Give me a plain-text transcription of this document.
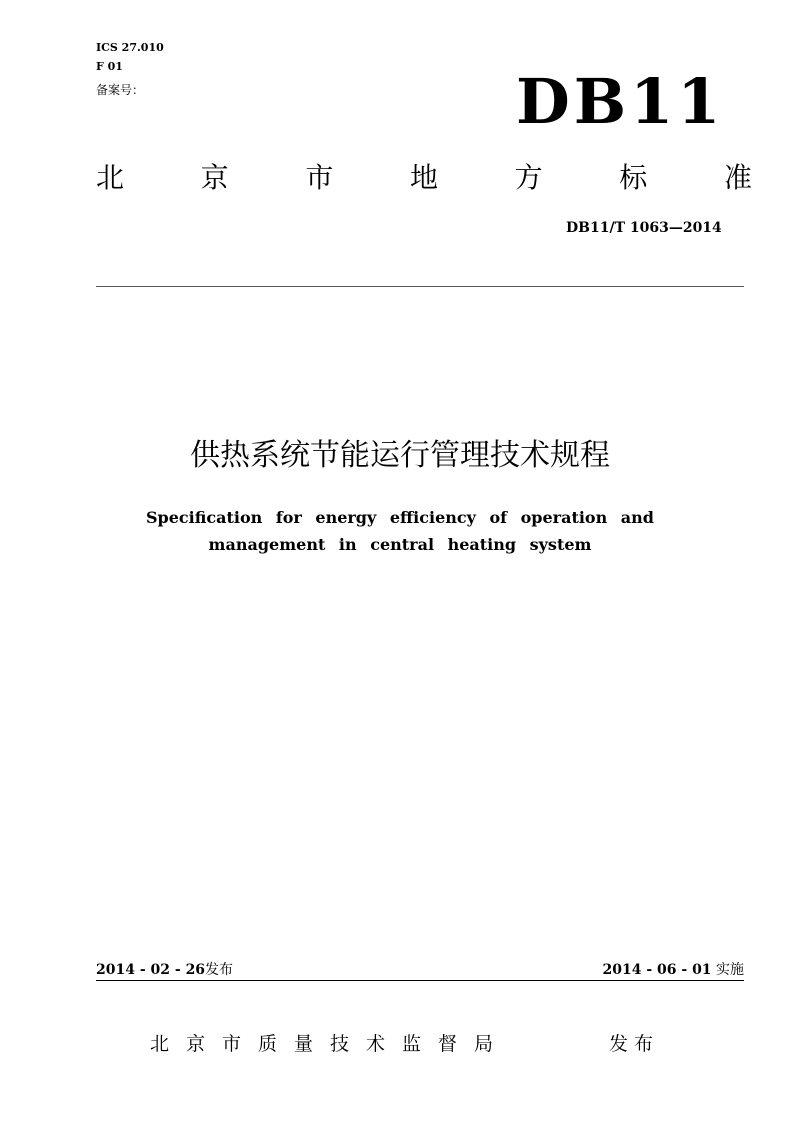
ICS 27.010
F 01
备案号：	DB11
北	京	市	地	方	标	准
DB11/T 1063—2014
供热系统节能运行管理技术规程
Specification for energy efficiency of operation and
management in central heating system
2014 - 02 - 26发布	2014 - 06 - 01 实施
北京市质量技术监督局	发布
